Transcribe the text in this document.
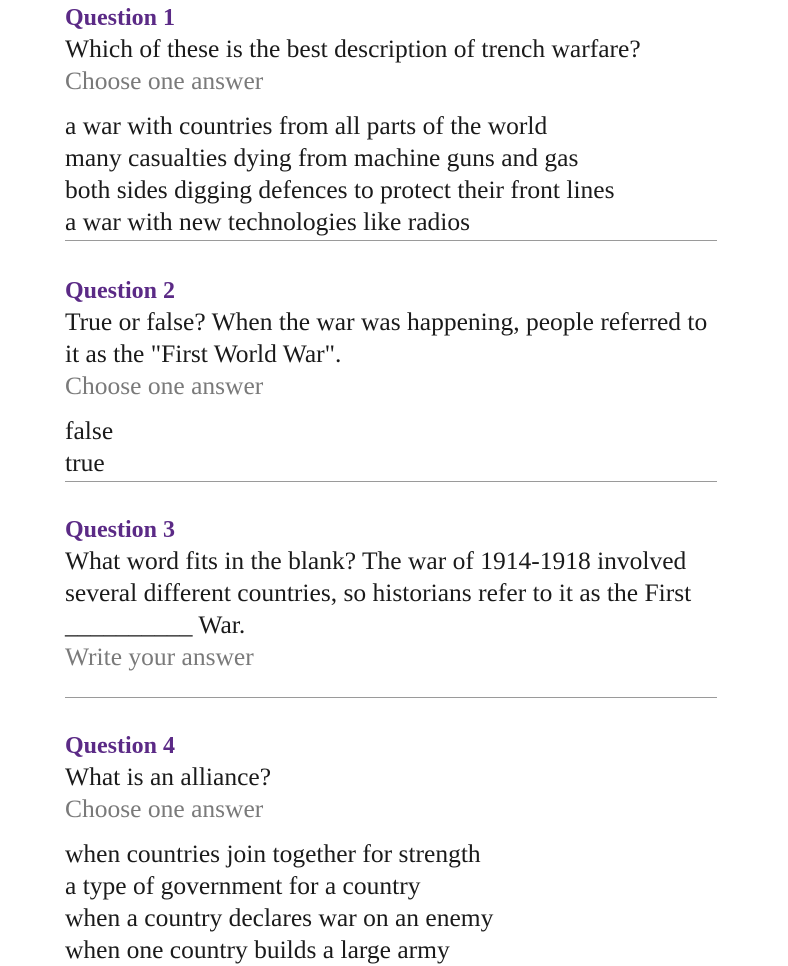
Question 1
Which of these is the best description of trench warfare?
Choose one answer
a war with countries from all parts of the world
many casualties dying from machine guns and gas
both sides digging defences to protect their front lines
a war with new technologies like radios
Question 2
True or false? When the war was happening, people referred to it as the "First World War".
Choose one answer
false
true
Question 3
What word fits in the blank? The war of 1914-1918 involved several different countries, so historians refer to it as the First __________ War.
Write your answer
Question 4
What is an alliance?
Choose one answer
when countries join together for strength
a type of government for a country
when a country declares war on an enemy
when one country builds a large army
